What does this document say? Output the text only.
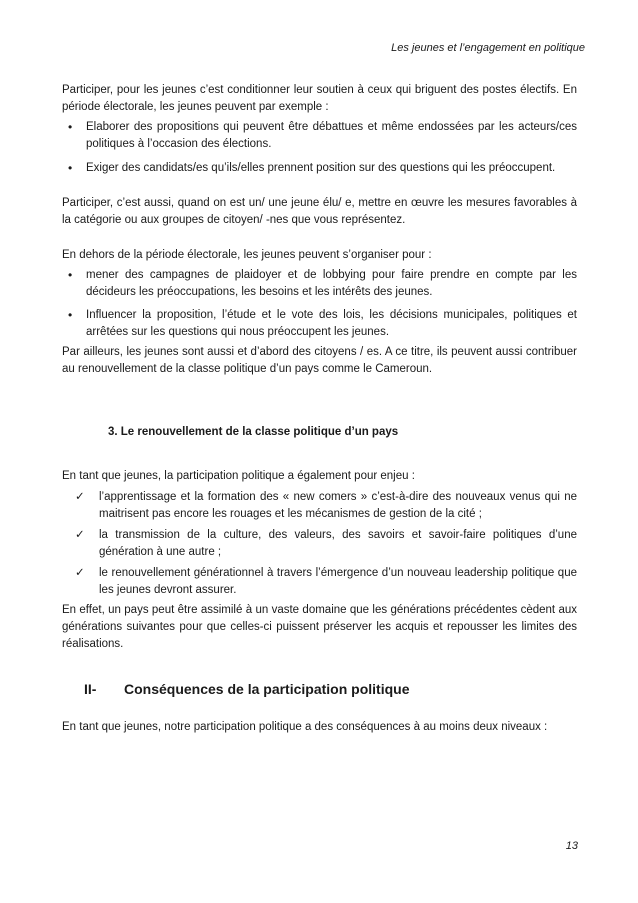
Les jeunes et l’engagement en politique

Participer, pour les jeunes c’est conditionner leur soutien à ceux qui briguent des postes électifs. En période électorale, les jeunes peuvent par exemple :

• Elaborer des propositions qui peuvent être débattues et même endossées par les acteurs/ces politiques à l’occasion des élections.
• Exiger des candidats/es qu’ils/elles prennent position sur des questions qui les préoccupent.

Participer, c’est aussi, quand on est un/ une jeune élu/ e, mettre en œuvre les mesures favorables à la catégorie ou aux groupes de citoyen/ -nes que vous représentez.

En dehors de la période électorale, les jeunes peuvent s’organiser pour :

• mener des campagnes de plaidoyer et de lobbying pour faire prendre en compte par les décideurs les préoccupations, les besoins et les intérêts des jeunes.
• Influencer la proposition, l’étude et le vote des lois, les décisions municipales, politiques et arrêtées sur les questions qui nous préoccupent les jeunes.

Par ailleurs, les jeunes sont aussi et d’abord des citoyens / es. A ce titre, ils peuvent aussi contribuer au renouvellement de la classe politique d’un pays comme le Cameroun.

3. Le renouvellement de la classe politique d’un pays

En tant que jeunes, la participation politique a également pour enjeu :

✓ l’apprentissage et la formation des « new comers » c’est-à-dire des nouveaux venus qui ne maitrisent pas encore les rouages et les mécanismes de gestion de la cité ;
✓ la transmission de la culture, des valeurs, des savoirs et savoir-faire politiques d’une génération à une autre ;
✓ le renouvellement générationnel à travers l’émergence d’un nouveau leadership politique que les jeunes devront assurer.

En effet, un pays peut être assimilé à un vaste domaine que les générations précédentes cèdent aux générations suivantes pour que celles-ci puissent préserver les acquis et repousser les limites des réalisations.

II- Conséquences de la participation politique

En tant que jeunes, notre participation politique a des conséquences à au moins deux niveaux :

13
